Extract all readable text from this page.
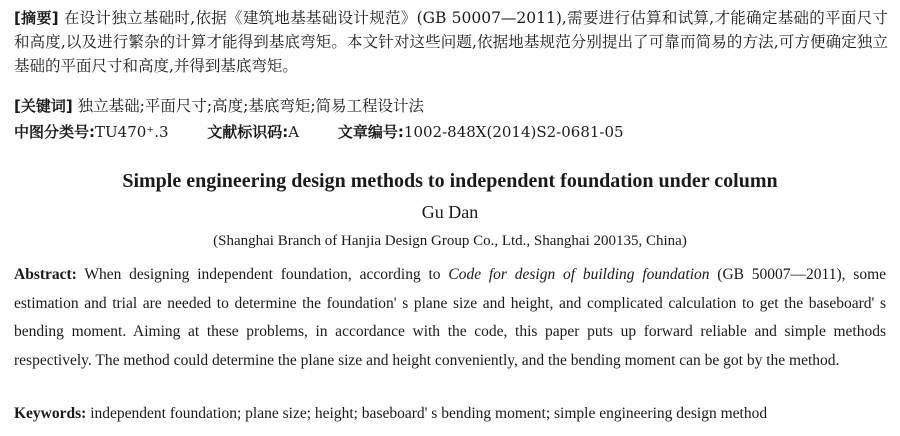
[摘要] 在设计独立基础时,依据《建筑地基基础设计规范》(GB 50007—2011),需要进行估算和试算,才能确定基础的平面尺寸和高度,以及进行繁杂的计算才能得到基底弯矩。本文针对这些问题,依据地基规范分别提出了可靠而简易的方法,可方便确定独立基础的平面尺寸和高度,并得到基底弯矩。
[关键词] 独立基础;平面尺寸;高度;基底弯矩;简易工程设计法
中图分类号:TU470⁺.3	文献标识码:A	文章编号:1002-848X(2014)S2-0681-05
Simple engineering design methods to independent foundation under column
Gu Dan
(Shanghai Branch of Hanjia Design Group Co., Ltd., Shanghai 200135, China)
Abstract: When designing independent foundation, according to Code for design of building foundation (GB 50007—2011), some estimation and trial are needed to determine the foundation' s plane size and height, and complicated calculation to get the baseboard' s bending moment. Aiming at these problems, in accordance with the code, this paper puts up forward reliable and simple methods respectively. The method could determine the plane size and height conveniently, and the bending moment can be got by the method.
Keywords: independent foundation; plane size; height; baseboard' s bending moment; simple engineering design method
